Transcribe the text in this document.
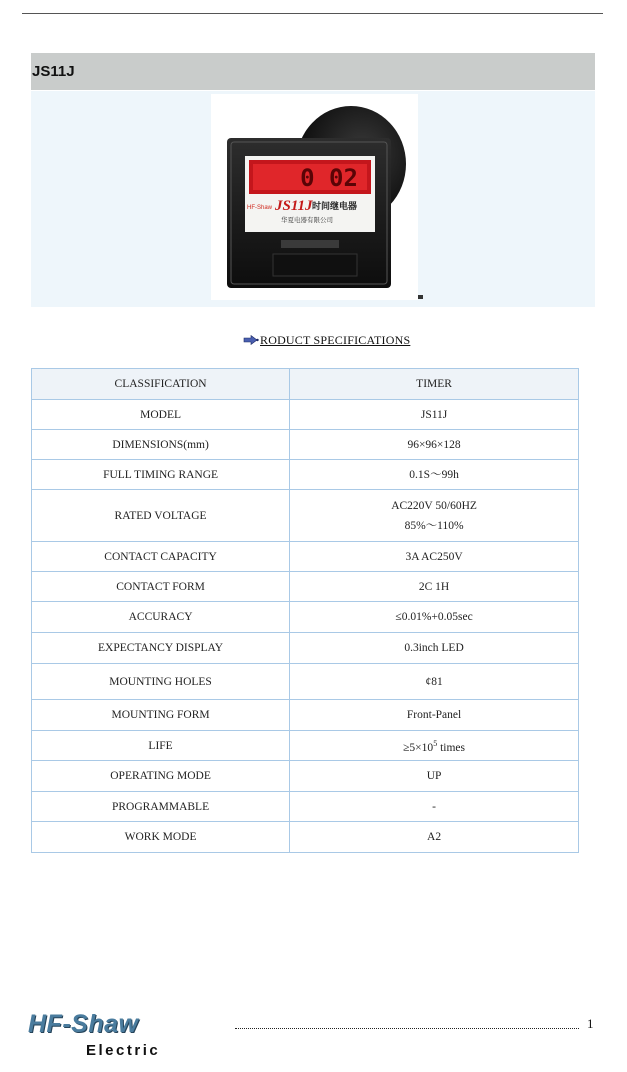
JS11J
0 02
HF-Shaw JS11J 时间继电器
华夏电器有限公司
RODUCT SPECIFICATIONS
CLASSIFICATION	TIMER
MODEL	JS11J
DIMENSIONS(mm)	96×96×128
FULL TIMING RANGE	0.1S～99h
RATED VOLTAGE	AC220V 50/60HZ
85%～110%

CONTACT CAPACITY	3A AC250V
CONTACT FORM	2C 1H
ACCURACY	≤0.01%+0.05sec
EXPECTANCY DISPLAY	0.3inch LED
MOUNTING HOLES	¢81
MOUNTING FORM	Front-Panel
LIFE	$\ge 5\times 10^5$ times
OPERATING MODE	UP
PROGRAMMABLE	-
WORK MODE	A2
HF-Shaw
Electric
1
